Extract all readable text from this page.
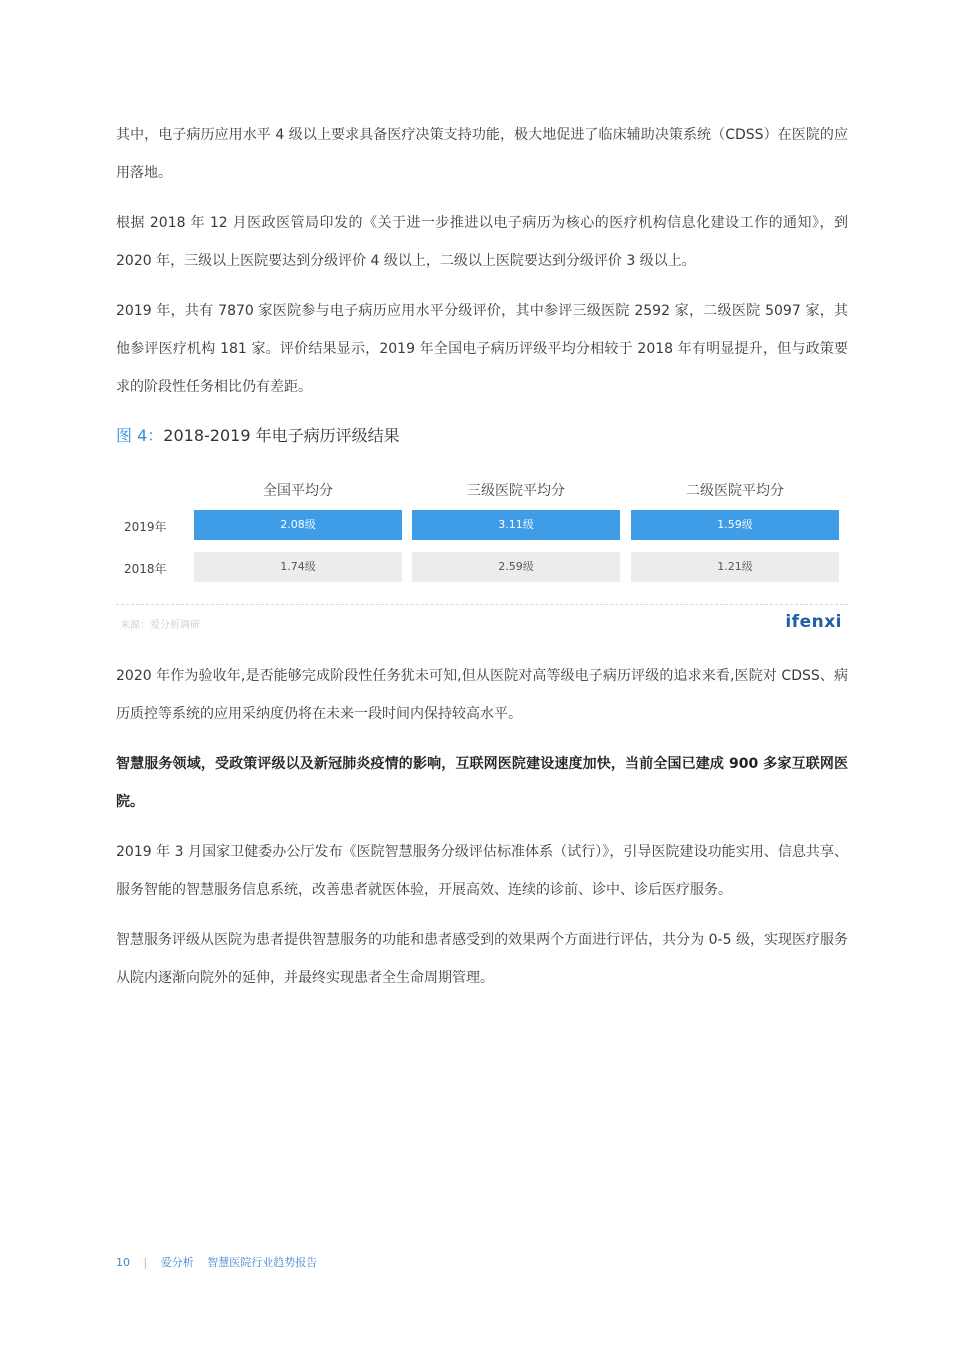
其中，电子病历应用水平 4 级以上要求具备医疗决策支持功能，极大地促进了临床辅助决策系统（CDSS）在医院的应用落地。

根据 2018 年 12 月医政医管局印发的《关于进一步推进以电子病历为核心的医疗机构信息化建设工作的通知》，到 2020 年，三级以上医院要达到分级评价 4 级以上，二级以上医院要达到分级评价 3 级以上。

2019 年，共有 7870 家医院参与电子病历应用水平分级评价，其中参评三级医院 2592 家，二级医院 5097 家，其他参评医疗机构 181 家。评价结果显示，2019 年全国电子病历评级平均分相较于 2018 年有明显提升，但与政策要求的阶段性任务相比仍有差距。

图 4：2018-2019 年电子病历评级结果
全国平均分	三级医院平均分	二级医院平均分
2019年	2.08级	3.11级	1.59级
2018年	1.74级	2.59级	1.21级
来源：爱分析调研	ifenxi

2020 年作为验收年,是否能够完成阶段性任务犹未可知,但从医院对高等级电子病历评级的追求来看,医院对 CDSS、病历质控等系统的应用采纳度仍将在未来一段时间内保持较高水平。

智慧服务领域，受政策评级以及新冠肺炎疫情的影响，互联网医院建设速度加快，当前全国已建成 900 多家互联网医院。

2019 年 3 月国家卫健委办公厅发布《医院智慧服务分级评估标准体系（试行）》，引导医院建设功能实用、信息共享、服务智能的智慧服务信息系统，改善患者就医体验，开展高效、连续的诊前、诊中、诊后医疗服务。

智慧服务评级从医院为患者提供智慧服务的功能和患者感受到的效果两个方面进行评估，共分为 0-5 级，实现医疗服务从院内逐渐向院外的延伸，并最终实现患者全生命周期管理。

10 | 爱分析 智慧医院行业趋势报告
